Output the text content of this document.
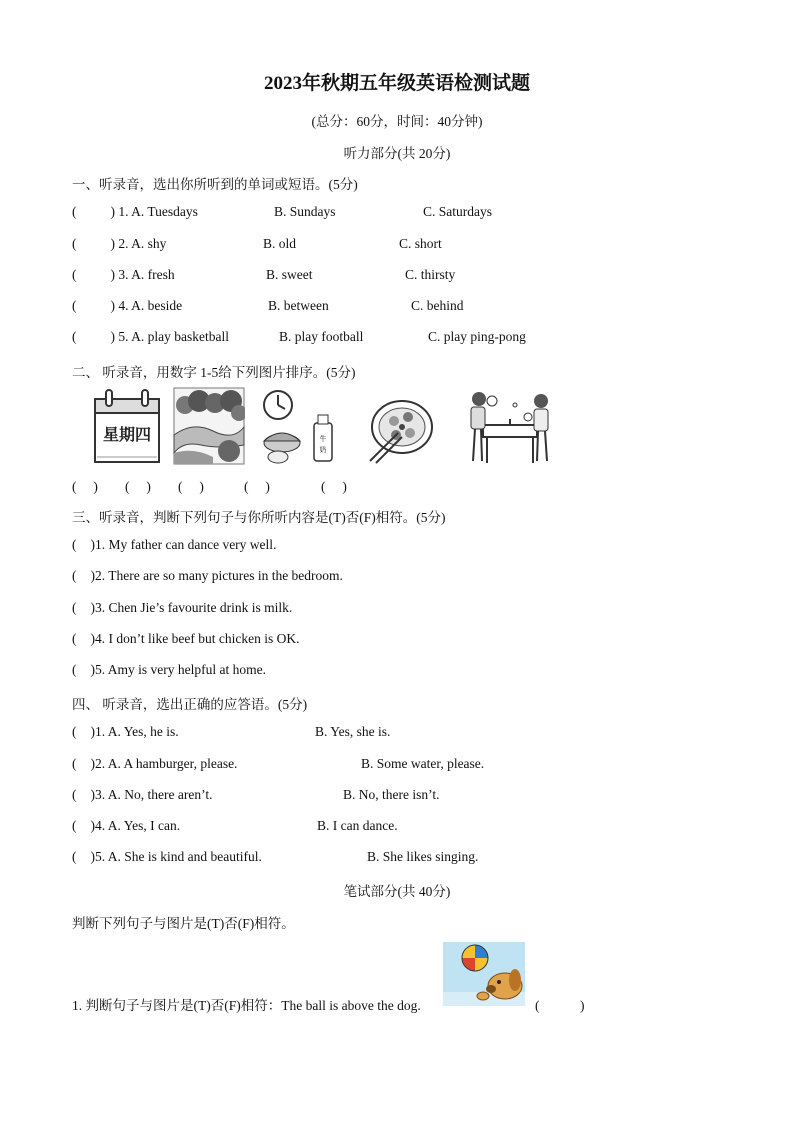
2023年秋期五年级英语检测试题
(总分：60分，时间：40分钟)
听力部分(共 20分)
一、听录音，选出你所听到的单词或短语。(5分)
(	) 1. A. Tuesdays	B. Sundays	C. Saturdays
(	) 2. A. shy	B. old	C. short
(	) 3. A. fresh	B. sweet	C. thirsty
(	) 4. A. beside	B. between	C. behind
(	) 5. A. play basketball	B. play football	C. play ping-pong
二、 听录音，用数字 1-5给下列图片排序。(5分)
星期四	牛
奶
(　 ) (　 ) (　 )	(　 )	(　 )
三、听录音，判断下列句子与你所听内容是(T)否(F)相符。(5分)
( )1. My father can dance very well.
( )2. There are so many pictures in the bedroom.
( )3. Chen Jie’s favourite drink is milk.
( )4. I don’t like beef but chicken is OK.
( )5. Amy is very helpful at home.
四、 听录音，选出正确的应答语。(5分)
( )1. A. Yes, he is.	B. Yes, she is.
( )2. A. A hamburger, please.	B. Some water, please.
( )3. A. No, there aren’t.	B. No, there isn’t.
( )4. A. Yes, I can.	B. I can dance.
( )5. A. She is kind and beautiful.	B. She likes singing.
笔试部分(共 40分)
判断下列句子与图片是(T)否(F)相符。
1. 判断句子与图片是(T)否(F)相符：The ball is above the dog.	(　　　)
